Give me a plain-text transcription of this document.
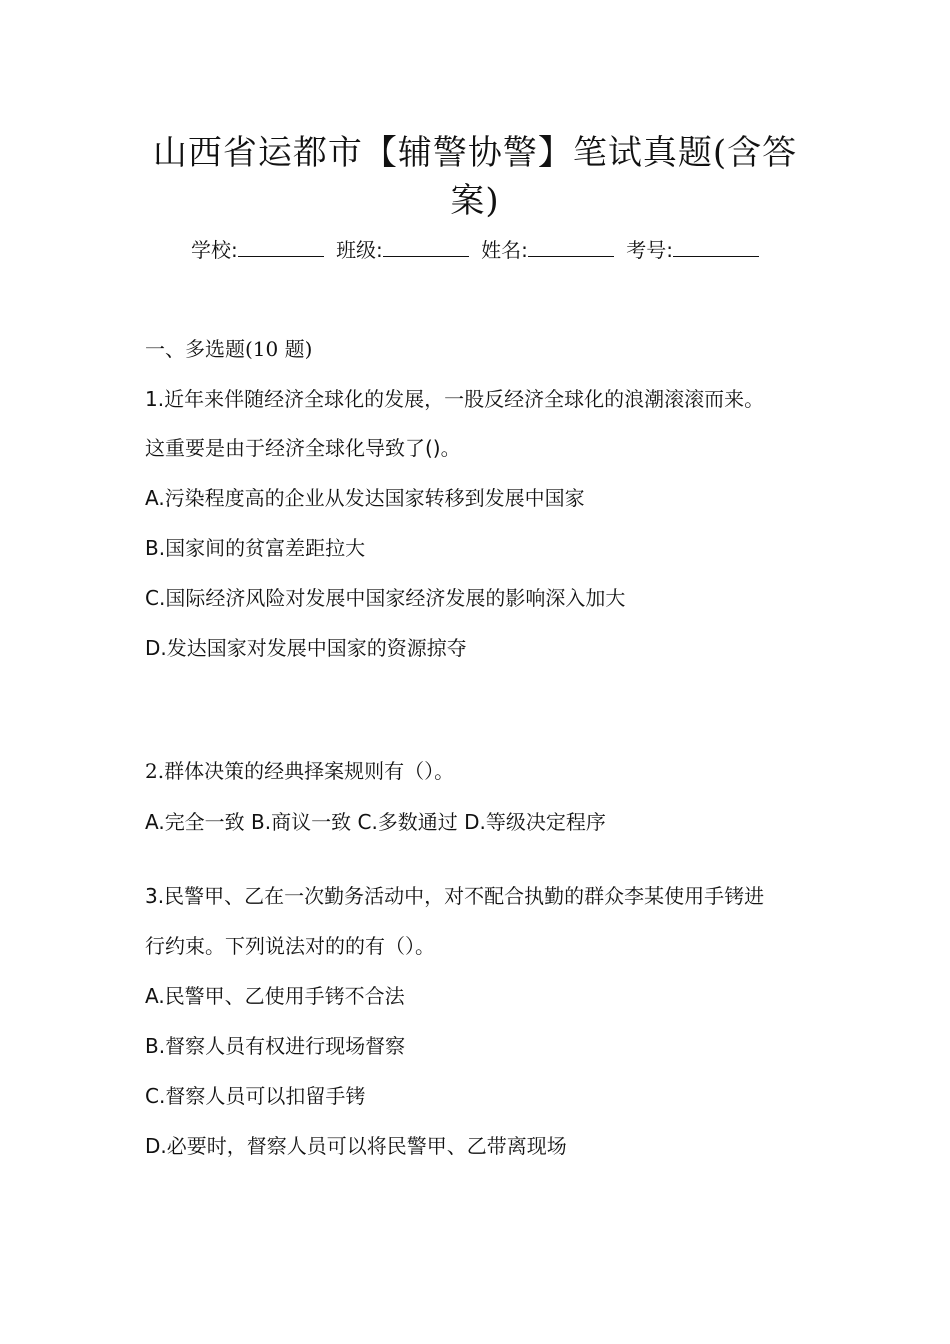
山西省运都市【辅警协警】笔试真题(含答
案)
学校:	班级:	姓名:	考号:
一、多选题(10 题)
1.近年来伴随经济全球化的发展，一股反经济全球化的浪潮滚滚而来。
这重要是由于经济全球化导致了()。
A.污染程度高的企业从发达国家转移到发展中国家
B.国家间的贫富差距拉大
C.国际经济风险对发展中国家经济发展的影响深入加大
D.发达国家对发展中国家的资源掠夺
2.群体决策的经典择案规则有（）。
A.完全一致 B.商议一致 C.多数通过 D.等级决定程序
3.民警甲、乙在一次勤务活动中，对不配合执勤的群众李某使用手铐进
行约束。下列说法对的的有（）。
A.民警甲、乙使用手铐不合法
B.督察人员有权进行现场督察
C.督察人员可以扣留手铐
D.必要时，督察人员可以将民警甲、乙带离现场
